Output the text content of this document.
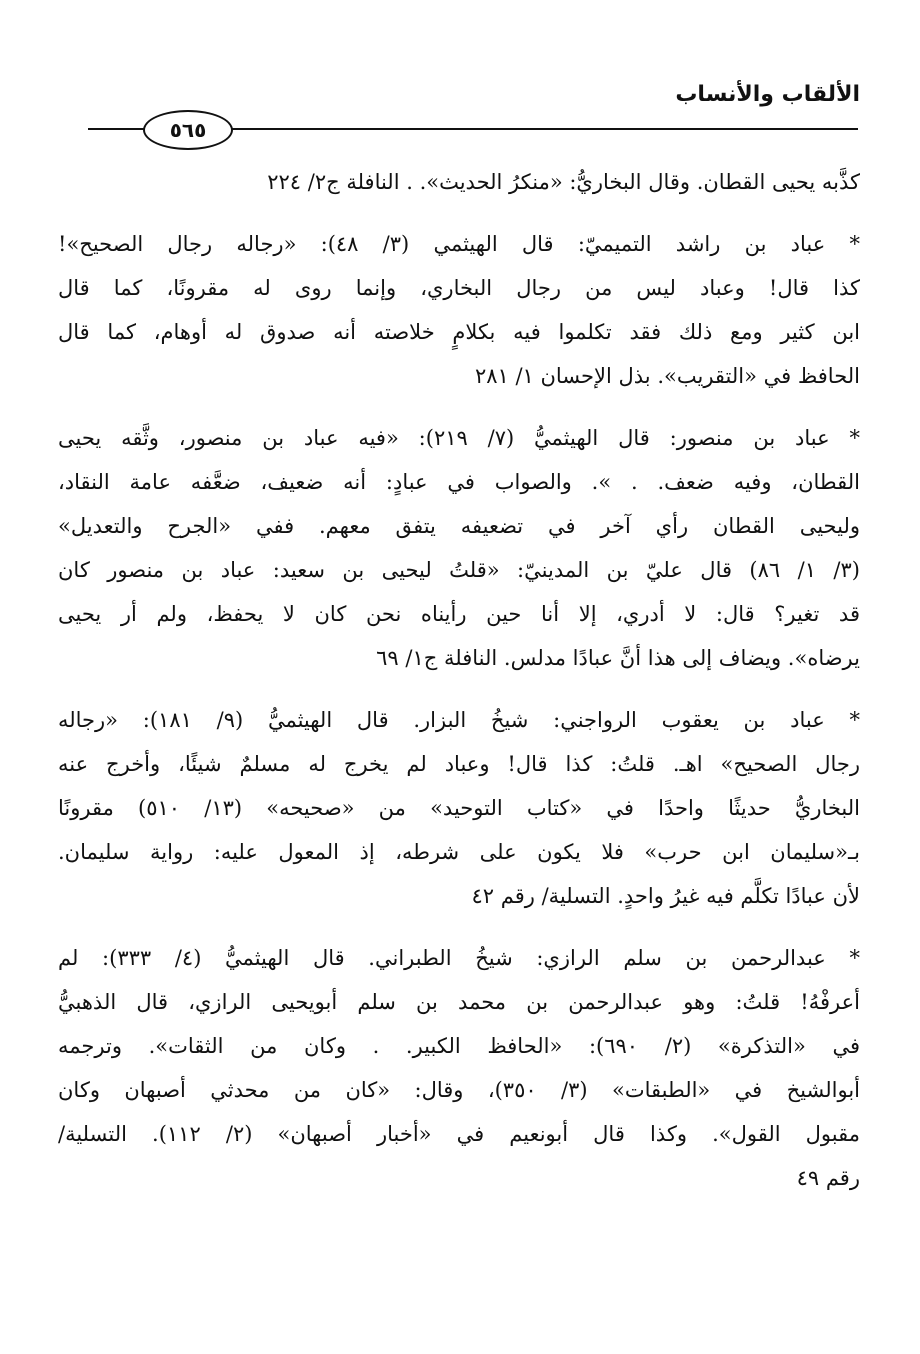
الألقاب والأنساب
٥٦٥
كذَّبه يحيى القطان. وقال البخاريُّ: «منكرُ الحديث». . النافلة ج٢/ ٢٢٤
* عباد بن راشد التميميّ: قال الهيثمي (٣/ ٤٨): «رجاله رجال الصحيح»!
كذا قال! وعباد ليس من رجال البخاري، وإنما روى له مقرونًا، كما قال
ابن كثير ومع ذلك فقد تكلموا فيه بكلامٍ خلاصته أنه صدوق له أوهام، كما قال
الحافظ في «التقريب». بذل الإحسان ١/ ٢٨١
* عباد بن منصور: قال الهيثميُّ (٧/ ٢١٩): «فيه عباد بن منصور، وثَّقه يحيى
القطان، وفيه ضعف. . ». والصواب في عبادٍ: أنه ضعيف، ضعَّفه عامة النقاد،
وليحيى القطان رأي آخر في تضعيفه يتفق معهم. ففي «الجرح والتعديل»
(٣/ ١/ ٨٦) قال عليّ بن المدينيّ: «قلتُ ليحيى بن سعيد: عباد بن منصور كان
قد تغير؟ قال: لا أدري، إلا أنا حين رأيناه نحن كان لا يحفظ، ولم أر يحيى
يرضاه». ويضاف إلى هذا أنَّ عبادًا مدلس. النافلة ج١/ ٦٩
* عباد بن يعقوب الرواجني: شيخُ البزار. قال الهيثميُّ (٩/ ١٨١): «رجاله
رجال الصحيح» اهـ. قلتُ: كذا قال! وعباد لم يخرج له مسلمٌ شيئًا، وأخرج عنه
البخاريُّ حديثًا واحدًا في «كتاب التوحيد» من «صحيحه» (١٣/ ٥١٠) مقرونًا
بـ«سليمان ابن حرب» فلا يكون على شرطه، إذ المعول عليه: رواية سليمان.
لأن عبادًا تكلَّم فيه غيرُ واحدٍ. التسلية/ رقم ٤٢
* عبدالرحمن بن سلم الرازي: شيخُ الطبراني. قال الهيثميُّ (٤/ ٣٣٣): لم
أعرفْهُ! قلتُ: وهو عبدالرحمن بن محمد بن سلم أبويحيى الرازي، قال الذهبيُّ
في «التذكرة» (٢/ ٦٩٠): «الحافظ الكبير. . وكان من الثقات». وترجمه
أبوالشيخ في «الطبقات» (٣/ ٣٥٠)، وقال: «كان من محدثي أصبهان وكان
مقبول القول». وكذا قال أبونعيم في «أخبار أصبهان» (٢/ ١١٢). التسلية/
رقم ٤٩
